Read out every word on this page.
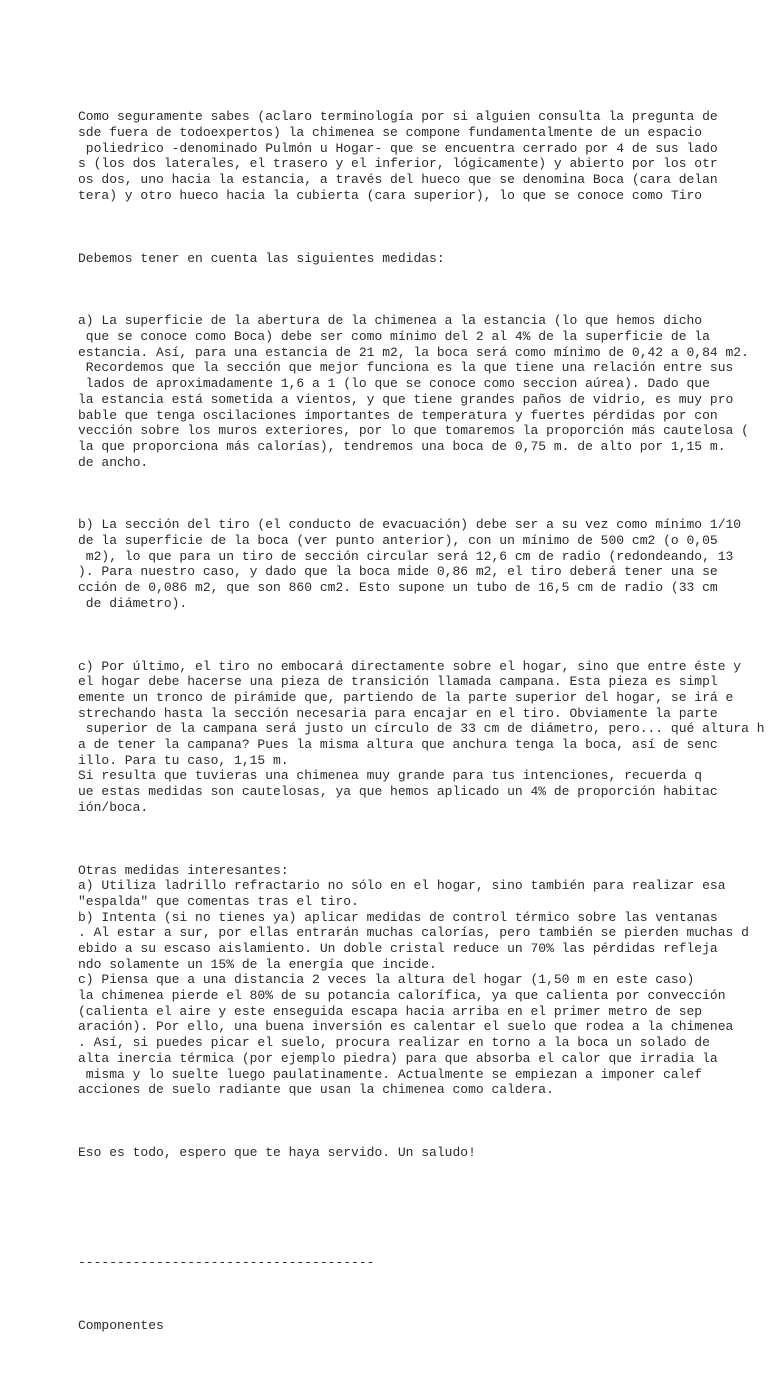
Como seguramente sabes (aclaro terminología por si alguien consulta la pregunta de
sde fuera de todoexpertos) la chimenea se compone fundamentalmente de un espacio
poliedrico -denominado Pulmón u Hogar- que se encuentra cerrado por 4 de sus lado
s (los dos laterales, el trasero y el inferior, lógicamente) y abierto por los otr
os dos, uno hacia la estancia, a través del hueco que se denomina Boca (cara delan
tera) y otro hueco hacia la cubierta (cara superior), lo que se conoce como Tiro

Debemos tener en cuenta las siguientes medidas:

a) La superficie de la abertura de la chimenea a la estancia (lo que hemos dicho
que se conoce como Boca) debe ser como mínimo del 2 al 4% de la superficie de la
estancia. Así, para una estancia de 21 m2, la boca será como mínimo de 0,42 a 0,84 m2.
Recordemos que la sección que mejor funciona es la que tiene una relación entre sus
lados de aproximadamente 1,6 a 1 (lo que se conoce como seccion aúrea). Dado que
la estancia está sometida a vientos, y que tiene grandes paños de vidrio, es muy pro
bable que tenga oscilaciones importantes de temperatura y fuertes pérdidas por con
vección sobre los muros exteriores, por lo que tomaremos la proporción más cautelosa (
la que proporciona más calorías), tendremos una boca de 0,75 m. de alto por 1,15 m.
de ancho.

b) La sección del tiro (el conducto de evacuación) debe ser a su vez como mínimo 1/10
de la superficie de la boca (ver punto anterior), con un mínimo de 500 cm2 (o 0,05
m2), lo que para un tiro de sección circular será 12,6 cm de radio (redondeando, 13
). Para nuestro caso, y dado que la boca mide 0,86 m2, el tiro deberá tener una se
cción de 0,086 m2, que son 860 cm2. Esto supone un tubo de 16,5 cm de radio (33 cm
de diámetro).

c) Por último, el tiro no embocará directamente sobre el hogar, sino que entre éste y
el hogar debe hacerse una pieza de transición llamada campana. Esta pieza es simpl
emente un tronco de pirámide que, partiendo de la parte superior del hogar, se irá e
strechando hasta la sección necesaria para encajar en el tiro. Obviamente la parte
superior de la campana será justo un círculo de 33 cm de diámetro, pero... qué altura h
a de tener la campana? Pues la misma altura que anchura tenga la boca, así de senc
illo. Para tu caso, 1,15 m.
Si resulta que tuvieras una chimenea muy grande para tus intenciones, recuerda q
ue estas medidas son cautelosas, ya que hemos aplicado un 4% de proporción habitac
ión/boca.

Otras medidas interesantes:
a) Utiliza ladrillo refractario no sólo en el hogar, sino también para realizar esa
"espalda" que comentas tras el tiro.
b) Intenta (si no tienes ya) aplicar medidas de control térmico sobre las ventanas
. Al estar a sur, por ellas entrarán muchas calorías, pero también se pierden muchas d
ebido a su escaso aislamiento. Un doble cristal reduce un 70% las pérdidas refleja
ndo solamente un 15% de la energía que incide.
c) Piensa que a una distancia 2 veces la altura del hogar (1,50 m en este caso)
la chimenea pierde el 80% de su potancia calorífica, ya que calienta por convección
(calienta el aire y este enseguida escapa hacia arriba en el primer metro de sep
aración). Por ello, una buena inversión es calentar el suelo que rodea a la chimenea
. Así, si puedes picar el suelo, procura realizar en torno a la boca un solado de
alta inercia térmica (por ejemplo piedra) para que absorba el calor que irradia la
misma y lo suelte luego paulatinamente. Actualmente se empiezan a imponer calef
acciones de suelo radiante que usan la chimenea como caldera.

Eso es todo, espero que te haya servido. Un saludo!

--------------------------------------

Componentes
